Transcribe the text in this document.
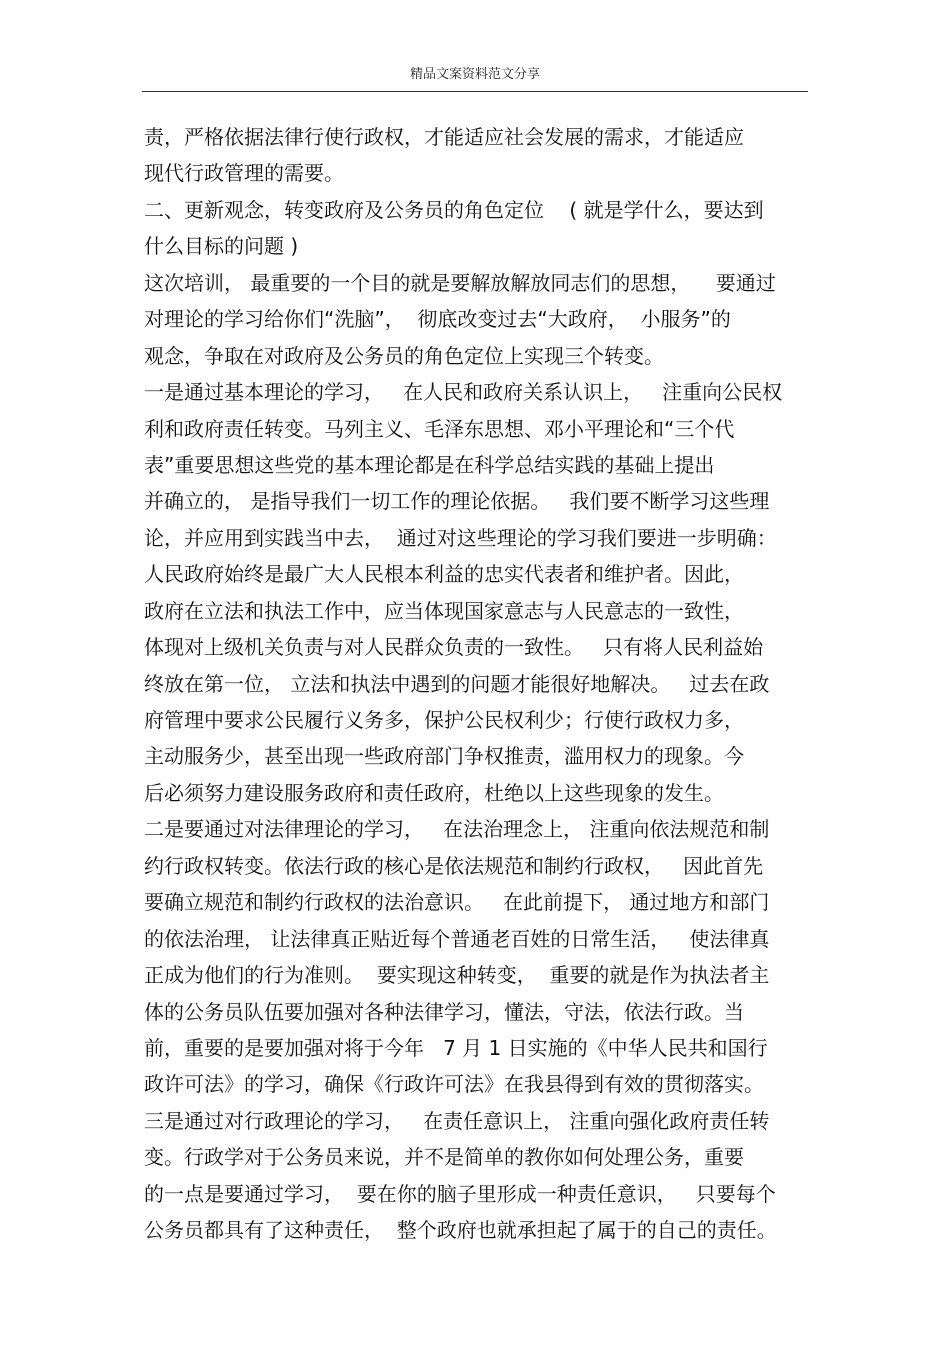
精品文案资料范文分享
责，严格依据法律行使行政权，才能适应社会发展的需求，才能适应
现代行政管理的需要。
二、更新观念，转变政府及公务员的角色定位    ( 就是学什么，要达到
什么目标的问题 )
这次培训， 最重要的一个目的就是要解放解放同志们的思想，    要通过
对理论的学习给你们“洗脑”，  彻底改变过去“大政府，  小服务”的
观念，争取在对政府及公务员的角色定位上实现三个转变。
一是通过基本理论的学习，   在人民和政府关系认识上，   注重向公民权
利和政府责任转变。马列主义、毛泽东思想、邓小平理论和“三个代
表”重要思想这些党的基本理论都是在科学总结实践的基础上提出
并确立的， 是指导我们一切工作的理论依据。   我们要不断学习这些理
论，并应用到实践当中去，  通过对这些理论的学习我们要进一步明确：
人民政府始终是最广大人民根本利益的忠实代表者和维护者。因此，
政府在立法和执法工作中，应当体现国家意志与人民意志的一致性，
体现对上级机关负责与对人民群众负责的一致性。   只有将人民利益始
终放在第一位， 立法和执法中遇到的问题才能很好地解决。   过去在政
府管理中要求公民履行义务多，保护公民权利少；行使行政权力多，
主动服务少，甚至出现一些政府部门争权推责，滥用权力的现象。今
后必须努力建设服务政府和责任政府，杜绝以上这些现象的发生。
二是要通过对法律理论的学习，   在法治理念上， 注重向依法规范和制
约行政权转变。依法行政的核心是依法规范和制约行政权，   因此首先
要确立规范和制约行政权的法治意识。   在此前提下， 通过地方和部门
的依法治理， 让法律真正贴近每个普通老百姓的日常生活，   使法律真
正成为他们的行为准则。  要实现这种转变，  重要的就是作为执法者主
体的公务员队伍要加强对各种法律学习，懂法，守法，依法行政。当
前，重要的是要加强对将于今年   7 月 1 日实施的《中华人民共和国行
政许可法》的学习，确保《行政许可法》在我县得到有效的贯彻落实。
三是通过对行政理论的学习，   在责任意识上， 注重向强化政府责任转
变。行政学对于公务员来说，并不是简单的教你如何处理公务，重要
的一点是要通过学习，  要在你的脑子里形成一种责任意识，   只要每个
公务员都具有了这种责任，  整个政府也就承担起了属于的自己的责任。
